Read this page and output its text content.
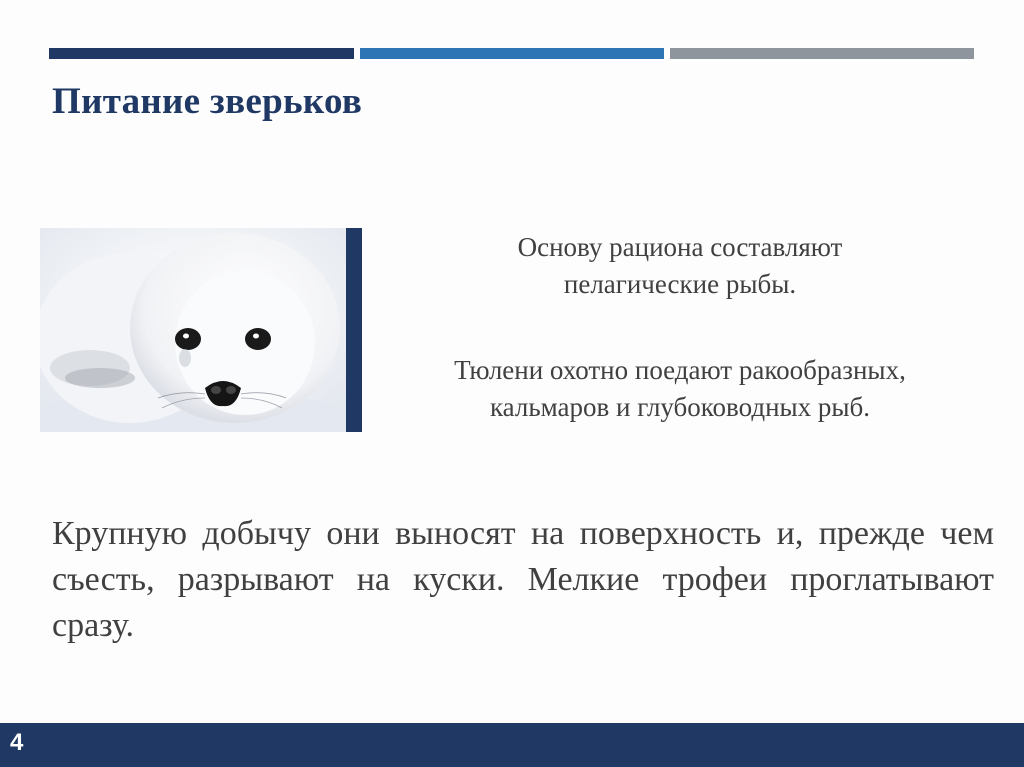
Питание зверьков
Основу рациона составляют
пелагические рыбы.
Тюлени охотно поедают ракообразных,
кальмаров и глубоководных рыб.
Крупную добычу они выносят на поверхность и, прежде чем съесть, разрывают на куски. Мелкие трофеи проглатывают сразу.
4
